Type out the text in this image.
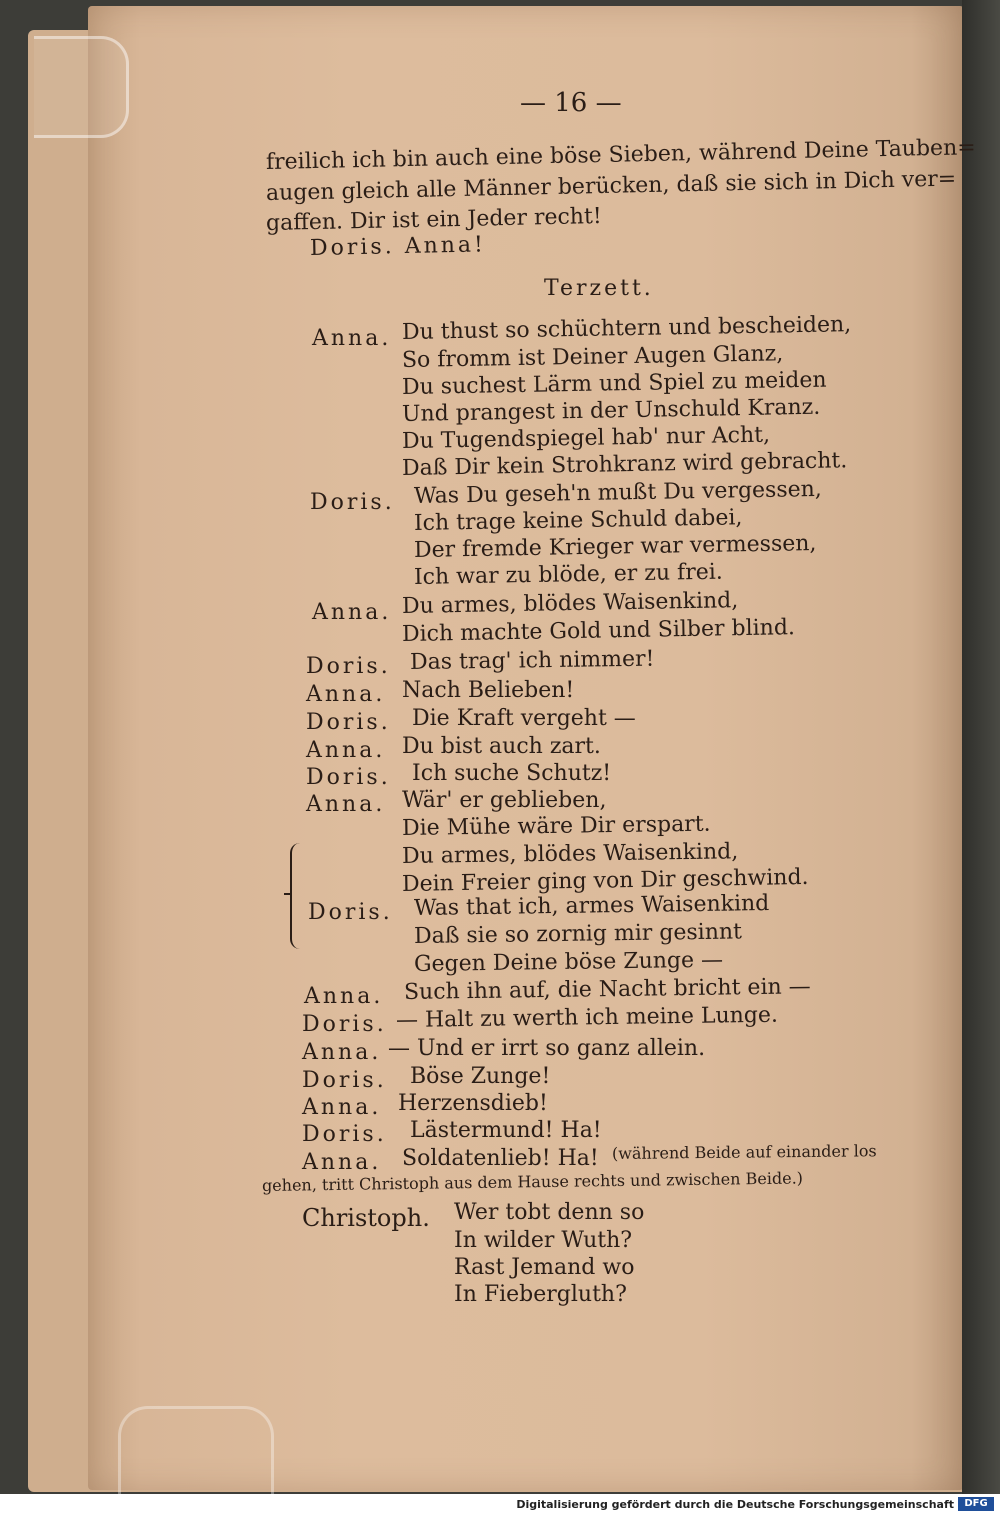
— 16 —
freilich ich bin auch eine böse Sieben, während Deine Tauben=
augen gleich alle Männer berücken, daß sie sich in Dich ver=
gaffen. Dir ist ein Jeder recht!
Doris. Anna!
Terzett.
Anna. Du thust so schüchtern und bescheiden,
So fromm ist Deiner Augen Glanz,
Du suchest Lärm und Spiel zu meiden
Und prangest in der Unschuld Kranz.
Du Tugendspiegel hab' nur Acht,
Daß Dir kein Strohkranz wird gebracht.
Doris. Was Du geseh'n mußt Du vergessen,
Ich trage keine Schuld dabei,
Der fremde Krieger war vermessen,
Ich war zu blöde, er zu frei.
Anna. Du armes, blödes Waisenkind,
Dich machte Gold und Silber blind.
Doris. Das trag' ich nimmer!
Anna. Nach Belieben!
Doris. Die Kraft vergeht —
Anna. Du bist auch zart.
Doris. Ich suche Schutz!
Anna. Wär' er geblieben,
Die Mühe wäre Dir erspart.
Du armes, blödes Waisenkind,
Dein Freier ging von Dir geschwind.
Doris. Was that ich, armes Waisenkind
Daß sie so zornig mir gesinnt
Gegen Deine böse Zunge —
Anna. Such ihn auf, die Nacht bricht ein —
Doris. — Halt zu werth ich meine Lunge.
Anna. — Und er irrt so ganz allein.
Doris. Böse Zunge!
Anna. Herzensdieb!
Doris. Lästermund! Ha!
Anna. Soldatenlieb! Ha! (während Beide auf einander los
gehen, tritt Christoph aus dem Hause rechts und zwischen Beide.)
Christoph. Wer tobt denn so
In wilder Wuth?
Rast Jemand wo
In Fiebergluth?
Digitalisierung gefördert durch die Deutsche Forschungsgemeinschaft	DFG
